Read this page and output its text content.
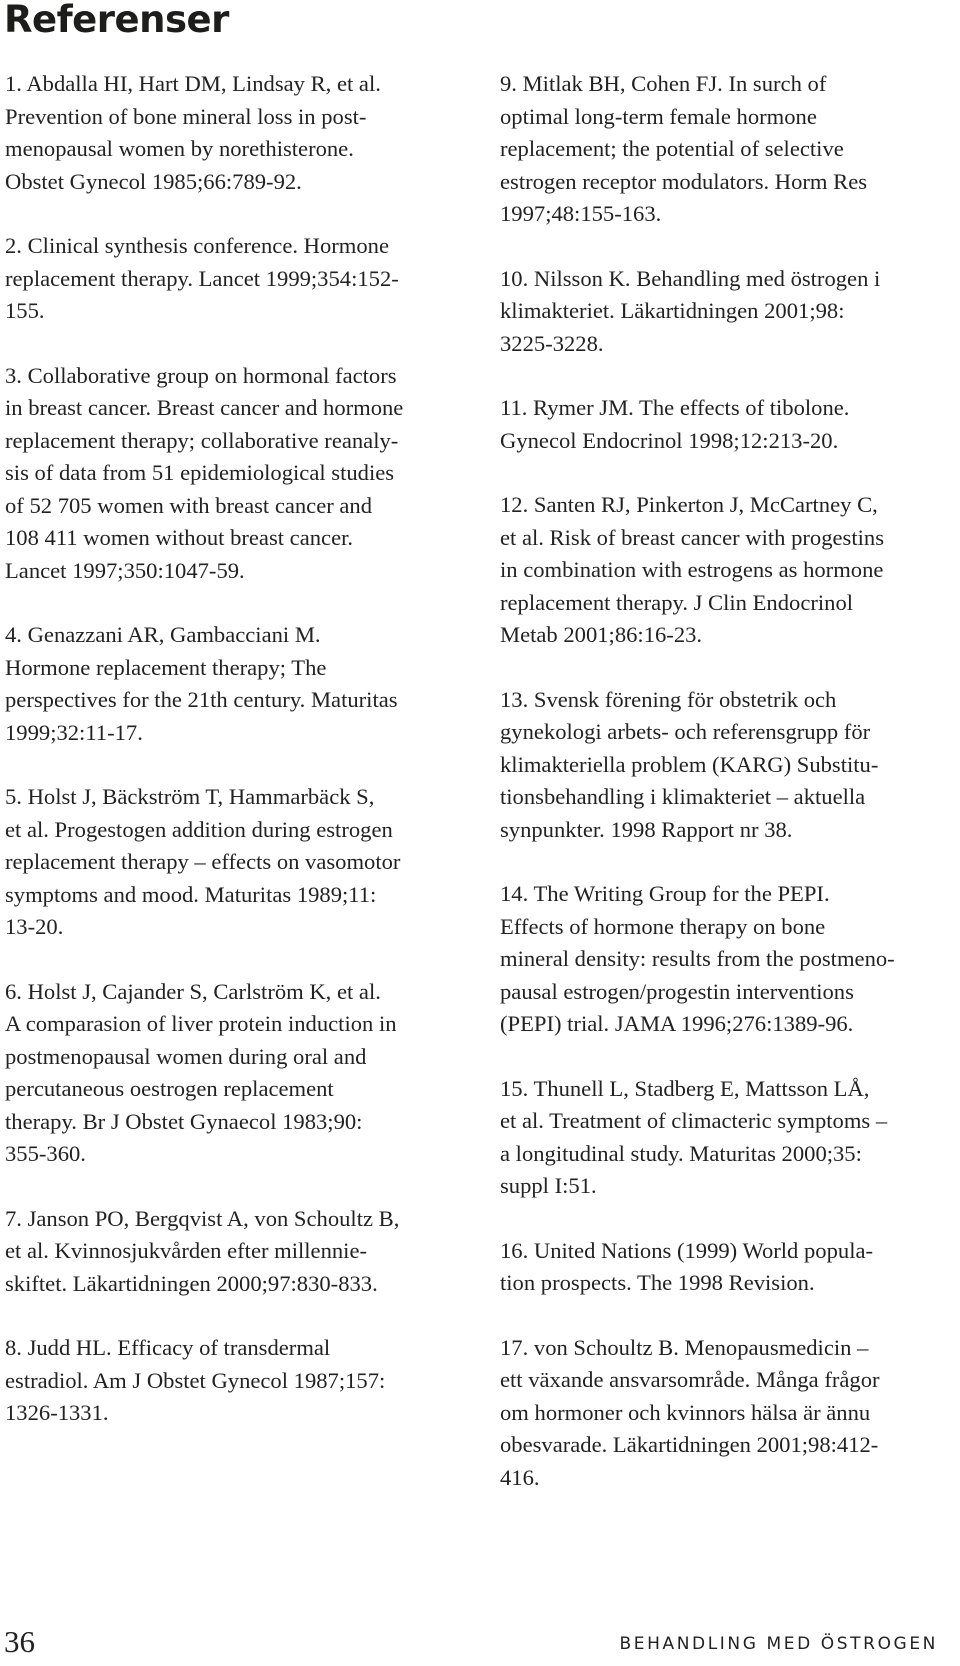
Referenser

1. Abdalla HI, Hart DM, Lindsay R, et al.
Prevention of bone mineral loss in post-
menopausal women by norethisterone.
Obstet Gynecol 1985;66:789-92.

2. Clinical synthesis conference. Hormone
replacement therapy. Lancet 1999;354:152-
155.

3. Collaborative group on hormonal factors
in breast cancer. Breast cancer and hormone
replacement therapy; collaborative reanaly-
sis of data from 51 epidemiological studies
of 52 705 women with breast cancer and
108 411 women without breast cancer.
Lancet 1997;350:1047-59.

4. Genazzani AR, Gambacciani M.
Hormone replacement therapy; The
perspectives for the 21th century. Maturitas
1999;32:11-17.

5. Holst J, Bäckström T, Hammarbäck S,
et al. Progestogen addition during estrogen
replacement therapy – effects on vasomotor
symptoms and mood. Maturitas 1989;11:
13-20.

6. Holst J, Cajander S, Carlström K, et al.
A comparasion of liver protein induction in
postmenopausal women during oral and
percutaneous oestrogen replacement
therapy. Br J Obstet Gynaecol 1983;90:
355-360.

7. Janson PO, Bergqvist A, von Schoultz B,
et al. Kvinnosjukvården efter millennie-
skiftet. Läkartidningen 2000;97:830-833.

8. Judd HL. Efficacy of transdermal
estradiol. Am J Obstet Gynecol 1987;157:
1326-1331.

9. Mitlak BH, Cohen FJ. In surch of
optimal long-term female hormone
replacement; the potential of selective
estrogen receptor modulators. Horm Res
1997;48:155-163.

10. Nilsson K. Behandling med östrogen i
klimakteriet. Läkartidningen 2001;98:
3225-3228.

11. Rymer JM. The effects of tibolone.
Gynecol Endocrinol 1998;12:213-20.

12. Santen RJ, Pinkerton J, McCartney C,
et al. Risk of breast cancer with progestins
in combination with estrogens as hormone
replacement therapy. J Clin Endocrinol
Metab 2001;86:16-23.

13. Svensk förening för obstetrik och
gynekologi arbets- och referensgrupp för
klimakteriella problem (KARG) Substitu-
tionsbehandling i klimakteriet – aktuella
synpunkter. 1998 Rapport nr 38.

14. The Writing Group for the PEPI.
Effects of hormone therapy on bone
mineral density: results from the postmeno-
pausal estrogen/progestin interventions
(PEPI) trial. JAMA 1996;276:1389-96.

15. Thunell L, Stadberg E, Mattsson LÅ,
et al. Treatment of climacteric symptoms –
a longitudinal study. Maturitas 2000;35:
suppl I:51.

16. United Nations (1999) World popula-
tion prospects. The 1998 Revision.

17. von Schoultz B. Menopausmedicin –
ett växande ansvarsområde. Många frågor
om hormoner och kvinnors hälsa är ännu
obesvarade. Läkartidningen 2001;98:412-
416.

36	BEHANDLING MED ÖSTROGEN
